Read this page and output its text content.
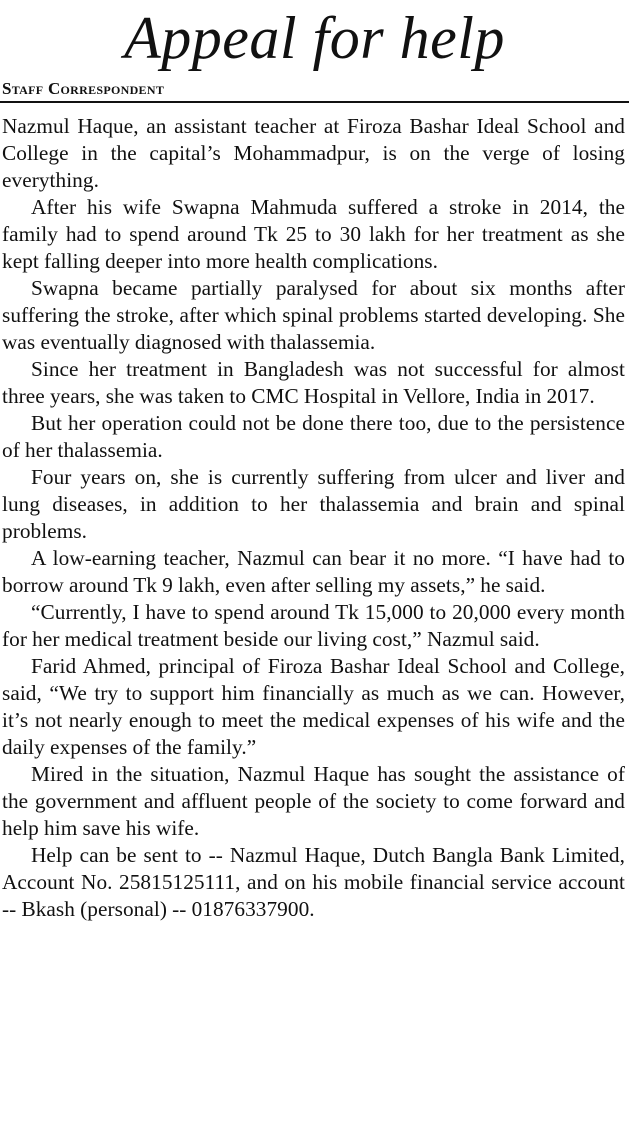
Appeal for help
Staff Correspondent

Nazmul Haque, an assistant teacher at Firoza Bashar Ideal School and College in the capital’s Mohammadpur, is on the verge of losing everything.

After his wife Swapna Mahmuda suffered a stroke in 2014, the family had to spend around Tk 25 to 30 lakh for her treatment as she kept falling deeper into more health complications.

Swapna became partially paralysed for about six months after suffering the stroke, after which spinal problems started developing. She was eventually diagnosed with thalassemia.

Since her treatment in Bangladesh was not successful for almost three years, she was taken to CMC Hospital in Vellore, India in 2017.

But her operation could not be done there too, due to the persistence of her thalassemia.

Four years on, she is currently suffering from ulcer and liver and lung diseases, in addition to her thalassemia and brain and spinal problems.

A low-earning teacher, Nazmul can bear it no more. “I have had to borrow around Tk 9 lakh, even after selling my assets,” he said.

“Currently, I have to spend around Tk 15,000 to 20,000 every month for her medical treatment beside our living cost,” Nazmul said.

Farid Ahmed, principal of Firoza Bashar Ideal School and College, said, “We try to support him financially as much as we can. However, it’s not nearly enough to meet the medical expenses of his wife and the daily expenses of the family.”

Mired in the situation, Nazmul Haque has sought the assistance of the government and affluent people of the society to come forward and help him save his wife.

Help can be sent to -- Nazmul Haque, Dutch Bangla Bank Limited, Account No. 25815125111, and on his mobile financial service account -- Bkash (personal) -- 01876337900.
